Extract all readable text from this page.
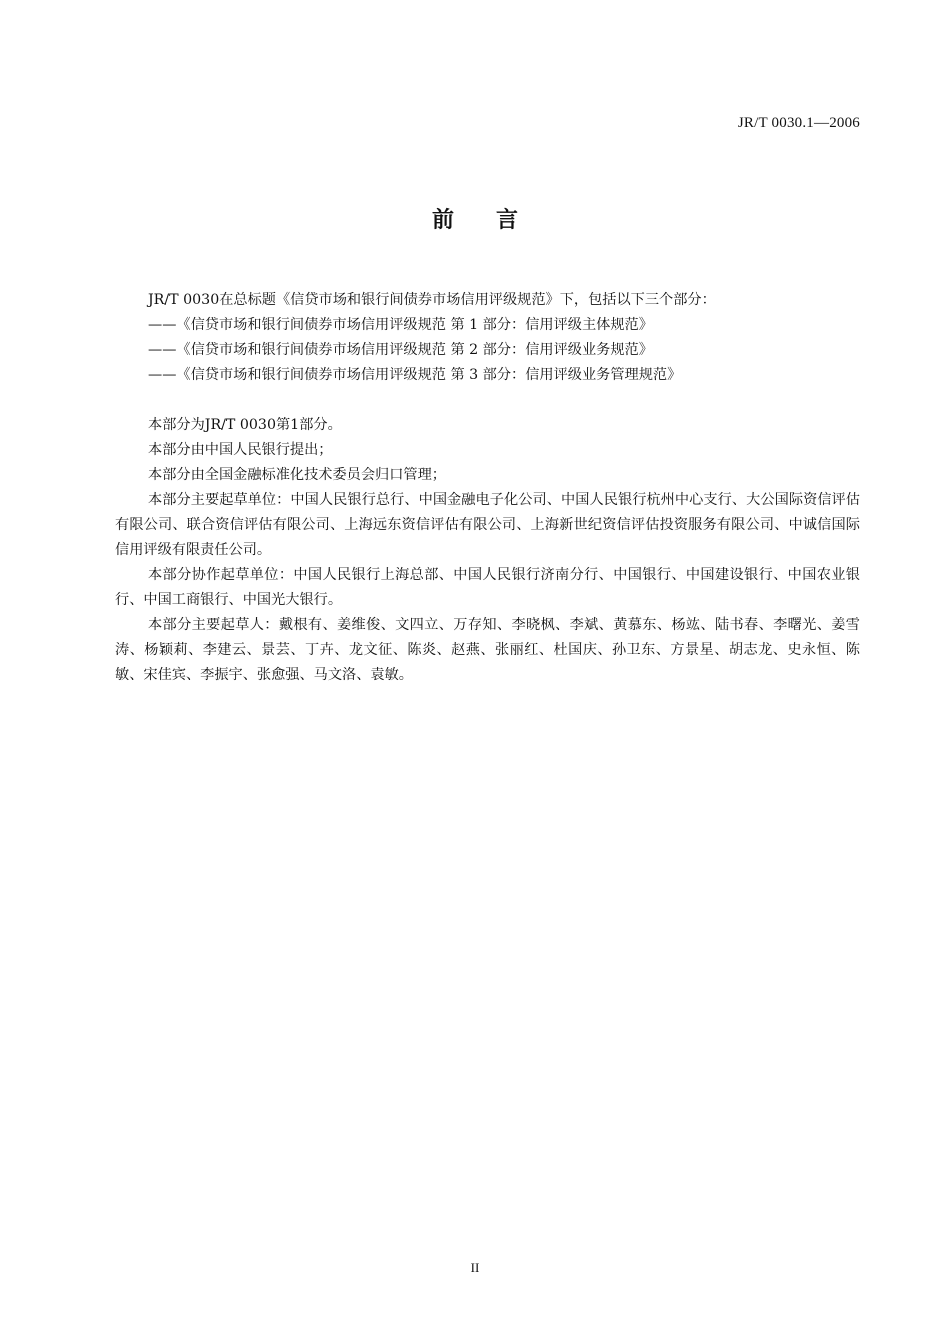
JR/T 0030.1—2006
前言

JR/T 0030在总标题《信贷市场和银行间债券市场信用评级规范》下，包括以下三个部分：

——《信贷市场和银行间债券市场信用评级规范 第 1 部分：信用评级主体规范》

——《信贷市场和银行间债券市场信用评级规范 第 2 部分：信用评级业务规范》

——《信贷市场和银行间债券市场信用评级规范 第 3 部分：信用评级业务管理规范》

本部分为JR/T 0030第1部分。

本部分由中国人民银行提出；

本部分由全国金融标准化技术委员会归口管理；

本部分主要起草单位：中国人民银行总行、中国金融电子化公司、中国人民银行杭州中心支行、大公国际资信评估有限公司、联合资信评估有限公司、上海远东资信评估有限公司、上海新世纪资信评估投资服务有限公司、中诚信国际信用评级有限责任公司。

本部分协作起草单位：中国人民银行上海总部、中国人民银行济南分行、中国银行、中国建设银行、中国农业银行、中国工商银行、中国光大银行。

本部分主要起草人：戴根有、姜维俊、文四立、万存知、李晓枫、李斌、黄慕东、杨竑、陆书春、李曙光、姜雪涛、杨颖莉、李建云、景芸、丁卉、龙文征、陈炎、赵燕、张丽红、杜国庆、孙卫东、方景星、胡志龙、史永恒、陈敏、宋佳宾、李振宇、张愈强、马文洛、袁敏。

II
